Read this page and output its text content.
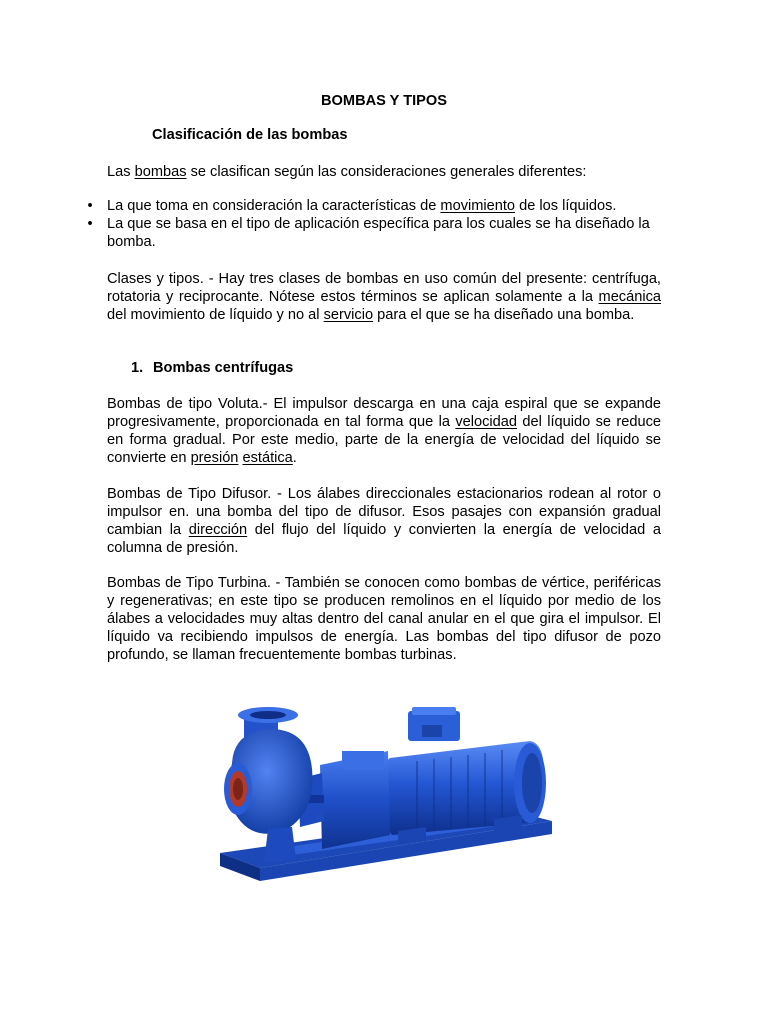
BOMBAS Y TIPOS
Clasificación de las bombas
Las bombas se clasifican según las consideraciones generales diferentes:
• La que toma en consideración la características de movimiento de los líquidos.
• La que se basa en el tipo de aplicación específica para los cuales se ha diseñado la bomba.
Clases y tipos. - Hay tres clases de bombas en uso común del presente: centrífuga, rotatoria y reciprocante. Nótese estos términos se aplican solamente a la mecánica del movimiento de líquido y no al servicio para el que se ha diseñado una bomba.
1. Bombas centrífugas
Bombas de tipo Voluta.- El impulsor descarga en una caja espiral que se expande progresivamente, proporcionada en tal forma que la velocidad del líquido se reduce en forma gradual. Por este medio, parte de la energía de velocidad del líquido se convierte en presión estática.
Bombas de Tipo Difusor. - Los álabes direccionales estacionarios rodean al rotor o impulsor en. una bomba del tipo de difusor. Esos pasajes con expansión gradual cambian la dirección del flujo del líquido y convierten la energía de velocidad a columna de presión.
Bombas de Tipo Turbina. - También se conocen como bombas de vértice, periféricas y regenerativas; en este tipo se producen remolinos en el líquido por medio de los álabes a velocidades muy altas dentro del canal anular en el que gira el impulsor. El líquido va recibiendo impulsos de energía. Las bombas del tipo difusor de pozo profundo, se llaman frecuentemente bombas turbinas.
